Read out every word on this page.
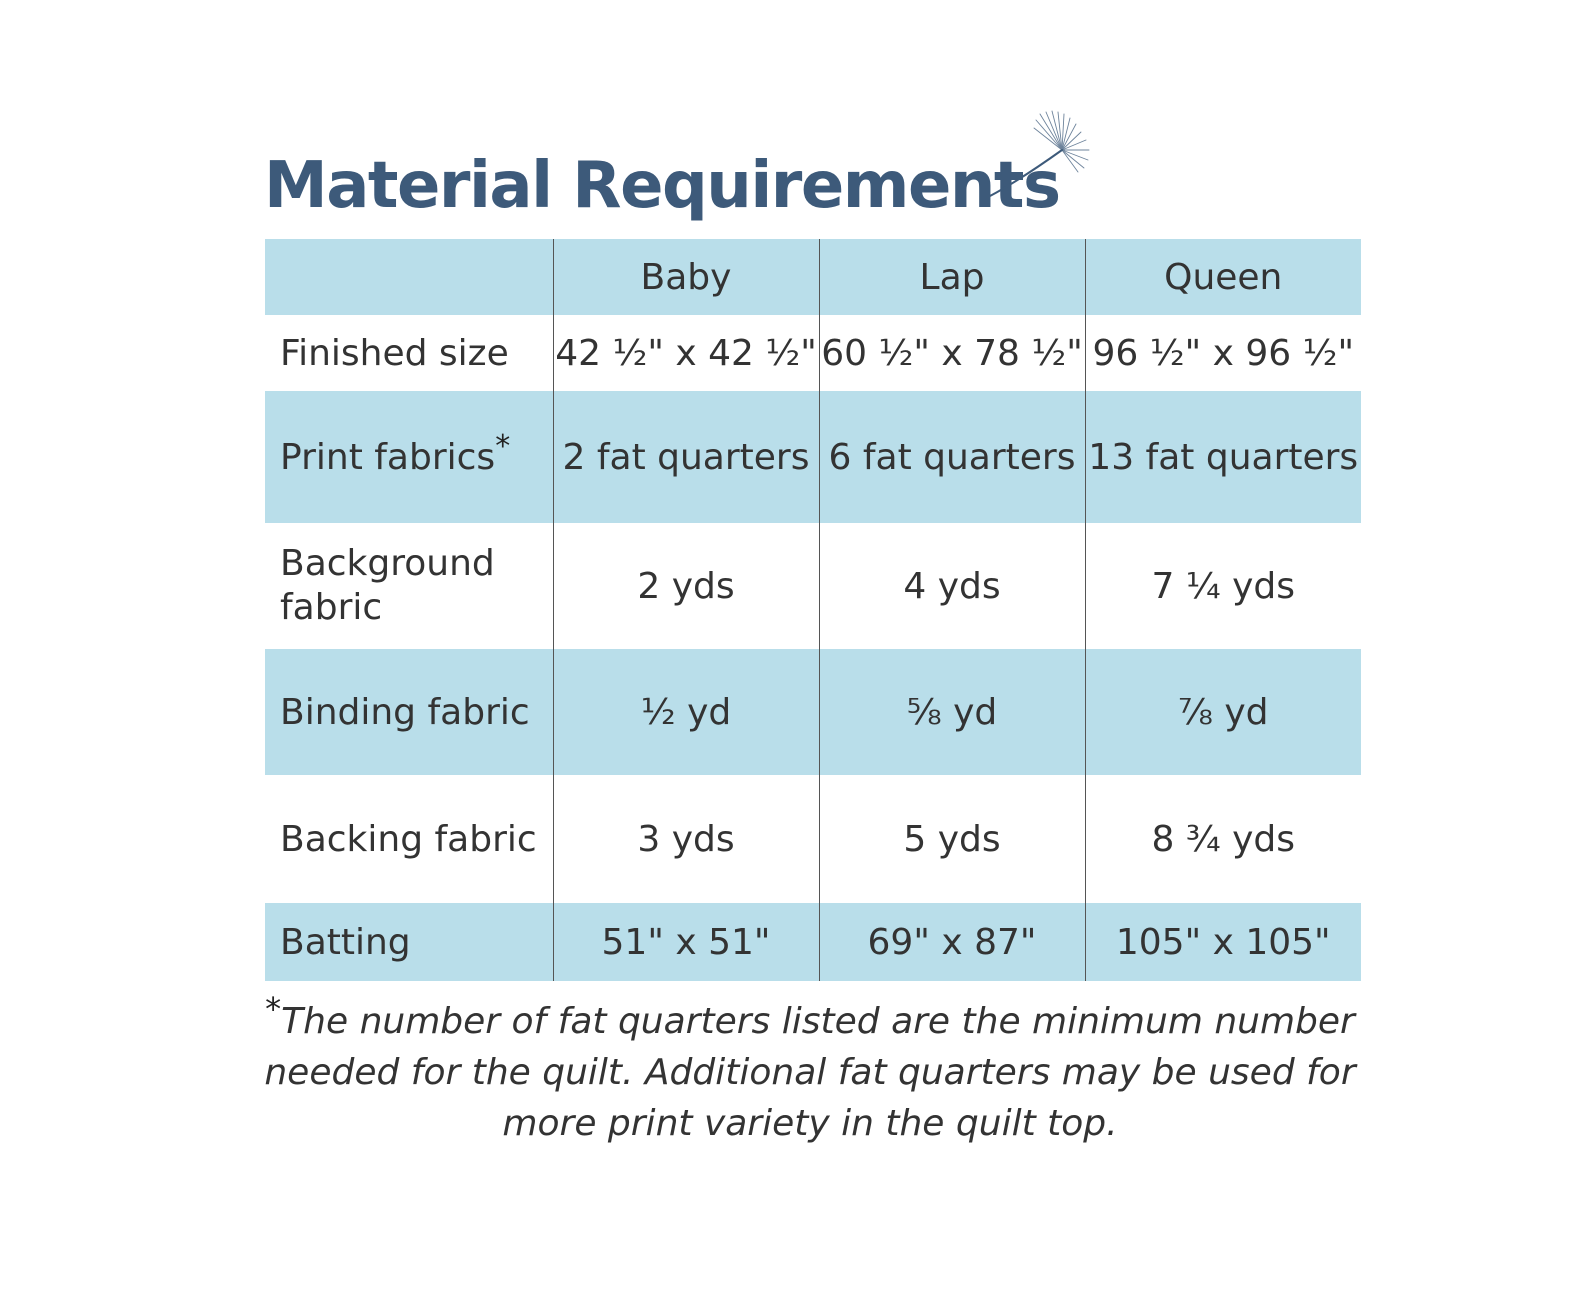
Material Requirements
	Baby	Lap	Queen
Finished size	42 ½" x 42 ½"	60 ½" x 78 ½"	96 ½" x 96 ½"
Print fabrics*	2 fat quarters	6 fat quarters	13 fat quarters
Background fabric	2 yds	4 yds	7 ¼ yds
Binding fabric	½ yd	⅝ yd	⅞ yd
Backing fabric	3 yds	5 yds	8 ¾ yds
Batting	51" x 51"	69" x 87"	105" x 105"
*The number of fat quarters listed are the minimum number needed for the quilt. Additional fat quarters may be used for more print variety in the quilt top.
